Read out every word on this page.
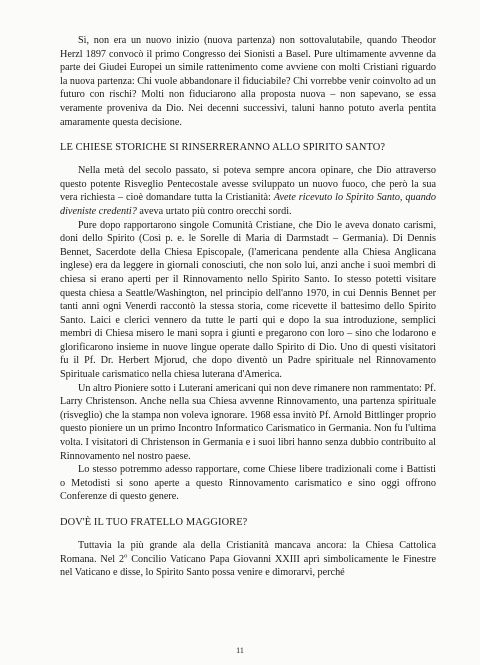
Sì, non era un nuovo inizio (nuova partenza) non sottovalutabile, quando Theodor Herzl 1897 convocò il primo Congresso dei Sionisti a Basel. Pure ultimamente avvenne da parte dei Giudei Europei un simile rattenimento come avviene con molti Cristiani riguardo la nuova partenza: Chi vuole abbandonare il fiduciabile? Chi vorrebbe venir coinvolto ad un futuro con rischi? Molti non fiduciarono alla proposta nuova – non sapevano, se essa veramente proveniva da Dio. Nei decenni successivi, taluni hanno potuto averla pentita amaramente questa decisione.

LE CHIESE STORICHE SI RINSERRERANNO ALLO SPIRITO SANTO?

Nella metà del secolo passato, si poteva sempre ancora opinare, che Dio attraverso questo potente Risveglio Pentecostale avesse sviluppato un nuovo fuoco, che però la sua vera richiesta – cioè domandare tutta la Cristianità: Avete ricevuto lo Spirito Santo, quando diveniste credenti? aveva urtato più contro orecchi sordi.

Pure dopo rapportarono singole Comunità Cristiane, che Dio le aveva donato carismi, doni dello Spirito (Così p. e. le Sorelle di Maria di Darmstadt – Germania). Di Dennis Bennet, Sacerdote della Chiesa Episcopale, (l'americana pendente alla Chiesa Anglicana inglese) era da leggere in giornali conosciuti, che non solo lui, anzi anche i suoi membri di chiesa si erano aperti per il Rinnovamento nello Spirito Santo. Io stesso potetti visitare questa chiesa a Seattle/Washington, nel principio dell'anno 1970, in cui Dennis Bennet per tanti anni ogni Venerdì raccontò la stessa storia, come ricevette il battesimo dello Spirito Santo. Laici e clerici vennero da tutte le parti qui e dopo la sua introduzione, semplici membri di Chiesa misero le mani sopra i giunti e pregarono con loro – sino che lodarono e glorificarono insieme in nuove lingue operate dallo Spirito di Dio. Uno di questi visitatori fu il Pf. Dr. Herbert Mjorud, che dopo diventò un Padre spirituale nel Rinnovamento Spirituale carismatico nella chiesa luterana d'America.

Un altro Pioniere sotto i Luterani americani qui non deve rimanere non rammentato: Pf. Larry Christenson. Anche nella sua Chiesa avvenne Rinnovamento, una partenza spirituale (risveglio) che la stampa non voleva ignorare. 1968 essa invitò Pf. Arnold Bittlinger proprio questo pioniere un un primo Incontro Informatico Carismatico in Germania. Non fu l'ultima volta. I visitatori di Christenson in Germania e i suoi libri hanno senza dubbio contribuito al Rinnovamento nel nostro paese.

Lo stesso potremmo adesso rapportare, come Chiese libere tradizionali come i Battisti o Metodisti si sono aperte a questo Rinnovamento carismatico e sino oggi offrono Conferenze di questo genere.

DOV'È IL TUO FRATELLO MAGGIORE?

Tuttavia la più grande ala della Cristianità mancava ancora: la Chiesa Cattolica Romana. Nel 2$^o$ Concilio Vaticano Papa Giovanni XXIII aprì simbolicamente le Finestre nel Vaticano e disse, lo Spirito Santo possa venire e dimorarvi, perché

11
